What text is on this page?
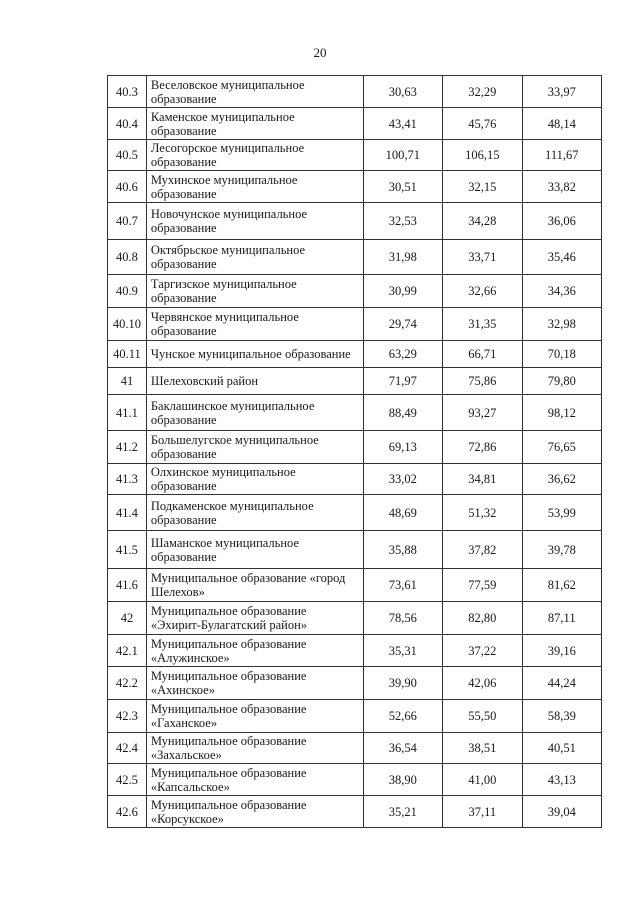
20
40.3	Веселовское муниципальное образование	30,63	32,29	33,97
40.4	Каменское муниципальное образование	43,41	45,76	48,14
40.5	Лесогорское муниципальное образование	100,71	106,15	111,67
40.6	Мухинское муниципальное образование	30,51	32,15	33,82
40.7	Новочунское муниципальное образование	32,53	34,28	36,06
40.8	Октябрьское муниципальное образование	31,98	33,71	35,46
40.9	Таргизское муниципальное образование	30,99	32,66	34,36
40.10	Червянское муниципальное образование	29,74	31,35	32,98
40.11	Чунское муниципальное образование	63,29	66,71	70,18
41	Шелеховский район	71,97	75,86	79,80
41.1	Баклашинское муниципальное образование	88,49	93,27	98,12
41.2	Большелугское муниципальное образование	69,13	72,86	76,65
41.3	Олхинское муниципальное образование	33,02	34,81	36,62
41.4	Подкаменское муниципальное образование	48,69	51,32	53,99
41.5	Шаманское муниципальное образование	35,88	37,82	39,78
41.6	Муниципальное образование «город Шелехов»	73,61	77,59	81,62
42	Муниципальное образование «Эхирит-Булагатский район»	78,56	82,80	87,11
42.1	Муниципальное образование «Алужинское»	35,31	37,22	39,16
42.2	Муниципальное образование «Ахинское»	39,90	42,06	44,24
42.3	Муниципальное образование «Гаханское»	52,66	55,50	58,39
42.4	Муниципальное образование «Захальское»	36,54	38,51	40,51
42.5	Муниципальное образование «Капсальское»	38,90	41,00	43,13
42.6	Муниципальное образование «Корсукское»	35,21	37,11	39,04
